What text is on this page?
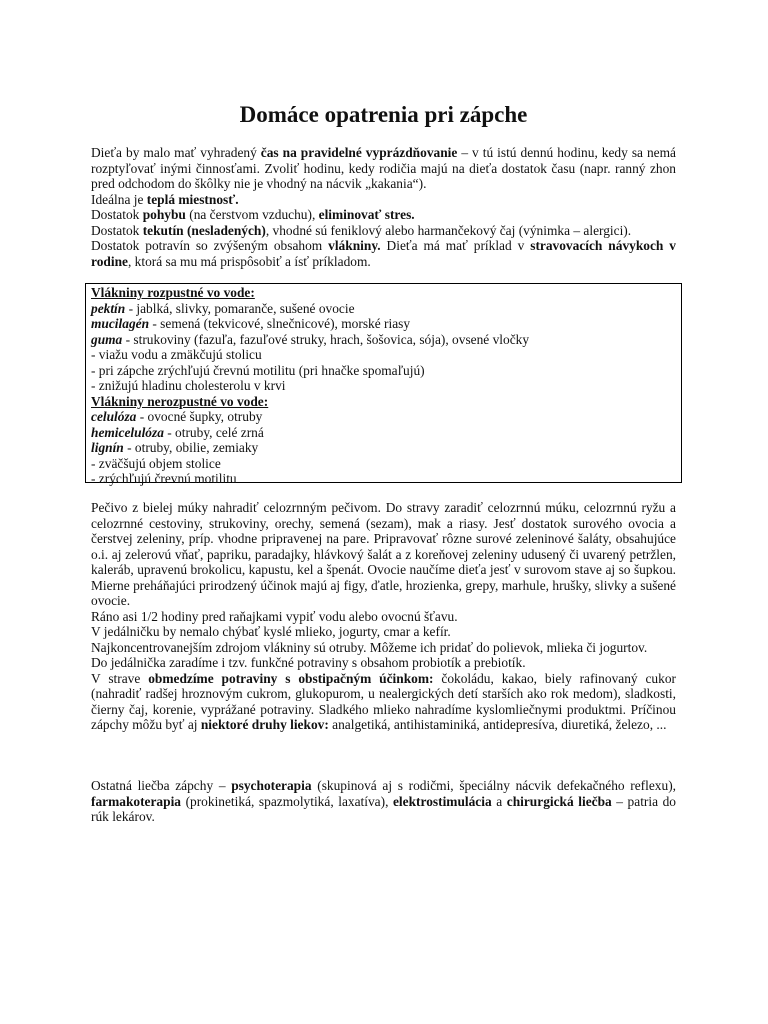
Domáce opatrenia pri zápche

Dieťa by malo mať vyhradený čas na pravidelné vyprázdňovanie – v tú istú dennú hodinu, kedy sa nemá rozptyľovať inými činnosťami. Zvoliť hodinu, kedy rodičia majú na dieťa dostatok času (napr. ranný zhon pred odchodom do škôlky nie je vhodný na nácvik „kakania“).

Ideálna je teplá miestnosť.

Dostatok pohybu (na čerstvom vzduchu), eliminovať stres.

Dostatok tekutín (nesladených), vhodné sú feniklový alebo harmančekový čaj (výnimka – alergici).

Dostatok potravín so zvýšeným obsahom vlákniny. Dieťa má mať príklad v stravovacích návykoch v rodine, ktorá sa mu má prispôsobiť a ísť príkladom.

Vlákniny rozpustné vo vode:
pektín - jablká, slivky, pomaranče, sušené ovocie
mucilagén - semená (tekvicové, slnečnicové), morské riasy
guma - strukoviny (fazuľa, fazuľové struky, hrach, šošovica, sója), ovsené vločky
- viažu vodu a zmäkčujú stolicu
- pri zápche zrýchľujú črevnú motilitu (pri hnačke spomaľujú)
- znižujú hladinu cholesterolu v krvi
Vlákniny nerozpustné vo vode:
celulóza - ovocné šupky, otruby
hemicelulóza - otruby, celé zrná
lignín - otruby, obilie, zemiaky
- zväčšujú objem stolice
- zrýchľujú črevnú motilitu

Pečivo z bielej múky nahradiť celozrnným pečivom. Do stravy zaradiť celozrnnú múku, celozrnnú ryžu a celozrnné cestoviny, strukoviny, orechy, semená (sezam), mak a riasy. Jesť dostatok surového ovocia a čerstvej zeleniny, príp. vhodne pripravenej na pare. Pripravovať rôzne surové zeleninové šaláty, obsahujúce o.i. aj zelerovú vňať, papriku, paradajky, hlávkový šalát a z koreňovej zeleniny udusený či uvarený petržlen, kaleráb, upravenú brokolicu, kapustu, kel a špenát. Ovocie naučíme dieťa jesť v surovom stave aj so šupkou. Mierne preháňajúci prirodzený účinok majú aj figy, ďatle, hrozienka, grepy, marhule, hrušky, slivky a sušené ovocie.

Ráno asi 1/2 hodiny pred raňajkami vypiť vodu alebo ovocnú šťavu.

V jedálničku by nemalo chýbať kyslé mlieko, jogurty, cmar a kefír.

Najkoncentrovanejším zdrojom vlákniny sú otruby. Môžeme ich pridať do polievok, mlieka či jogurtov.

Do jedálnička zaradíme i tzv. funkčné potraviny s obsahom probiotík a prebiotík.

V strave obmedzíme potraviny s obstipačným účinkom: čokoládu, kakao, biely rafinovaný cukor (nahradiť radšej hroznovým cukrom, glukopurom, u nealergických detí starších ako rok medom), sladkosti, čierny čaj, korenie, vyprážané potraviny. Sladkého mlieko nahradíme kyslomliečnymi produktmi. Príčinou zápchy môžu byť aj niektoré druhy liekov: analgetiká, antihistaminiká, antidepresíva, diuretiká, železo, ...

Ostatná liečba zápchy – psychoterapia (skupinová aj s rodičmi, špeciálny nácvik defekačného reflexu), farmakoterapia (prokinetiká, spazmolytiká, laxatíva), elektrostimulácia a chirurgická liečba – patria do rúk lekárov.
